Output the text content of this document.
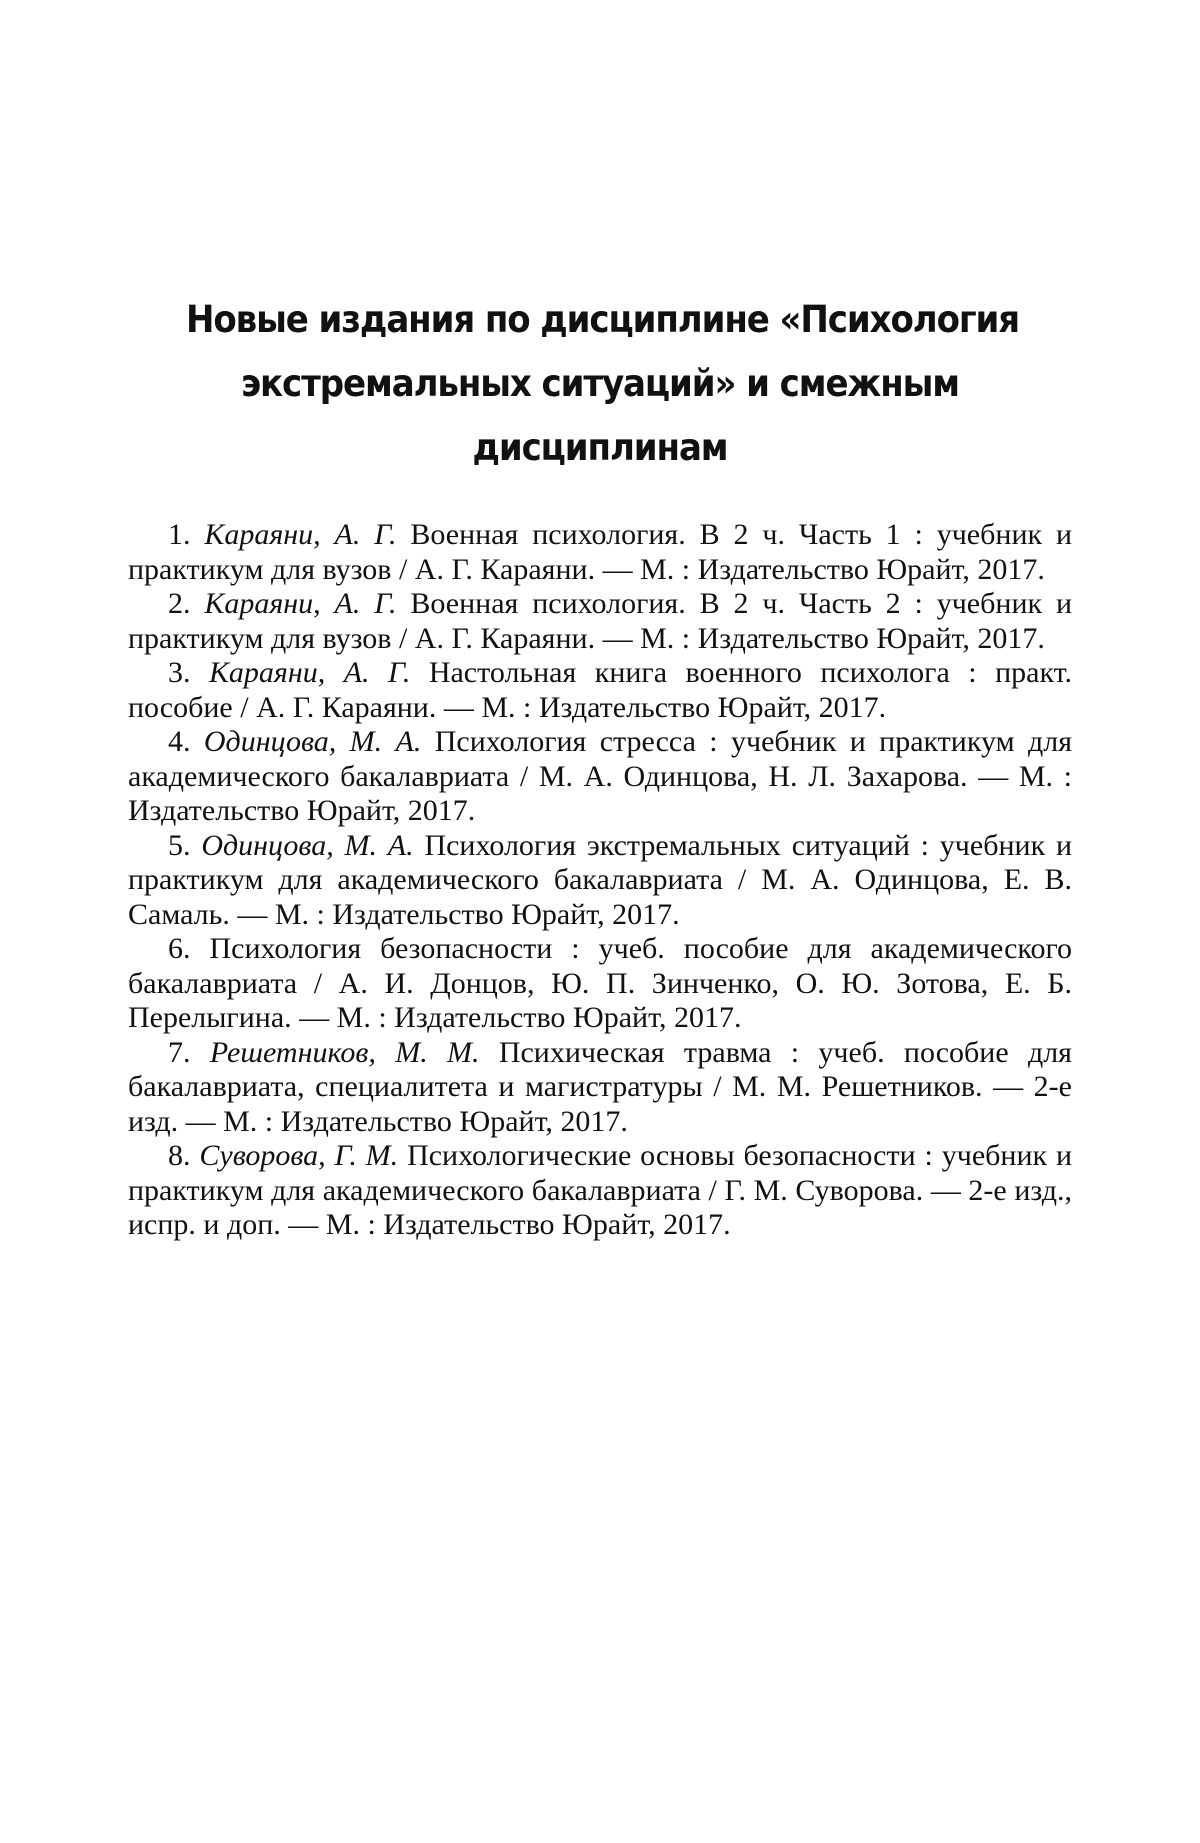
Новые издания по дисциплине «Психология
экстремальных ситуаций» и смежным
дисциплинам
1. Караяни, А. Г. Военная психология. В 2 ч. Часть 1 : учебник и практикум для вузов / А. Г. Караяни. — М. : Издательство Юрайт, 2017.
2. Караяни, А. Г. Военная психология. В 2 ч. Часть 2 : учебник и практикум для вузов / А. Г. Караяни. — М. : Издательство Юрайт, 2017.
3. Караяни, А. Г. Настольная книга военного психолога : практ. пособие / А. Г. Караяни. — М. : Издательство Юрайт, 2017.
4. Одинцова, М. А. Психология стресса : учебник и практикум для академического бакалавриата / М. А. Одинцова, Н. Л. Захарова. — М. : Издательство Юрайт, 2017.
5. Одинцова, М. А. Психология экстремальных ситуаций : учебник и практикум для академического бакалавриата / М. А. Одинцова, Е. В. Самаль. — М. : Издательство Юрайт, 2017.
6. Психология безопасности : учеб. пособие для академического бакалавриата / А. И. Донцов, Ю. П. Зинченко, О. Ю. Зотова, Е. Б. Перелыгина. — М. : Издательство Юрайт, 2017.
7. Решетников, М. М. Психическая травма : учеб. пособие для бакалавриата, специалитета и магистратуры / М. М. Решетников. — 2-е изд. — М. : Издательство Юрайт, 2017.
8. Суворова, Г. М. Психологические основы безопасности : учебник и практикум для академического бакалавриата / Г. М. Суворова. — 2-е изд., испр. и доп. — М. : Издательство Юрайт, 2017.
